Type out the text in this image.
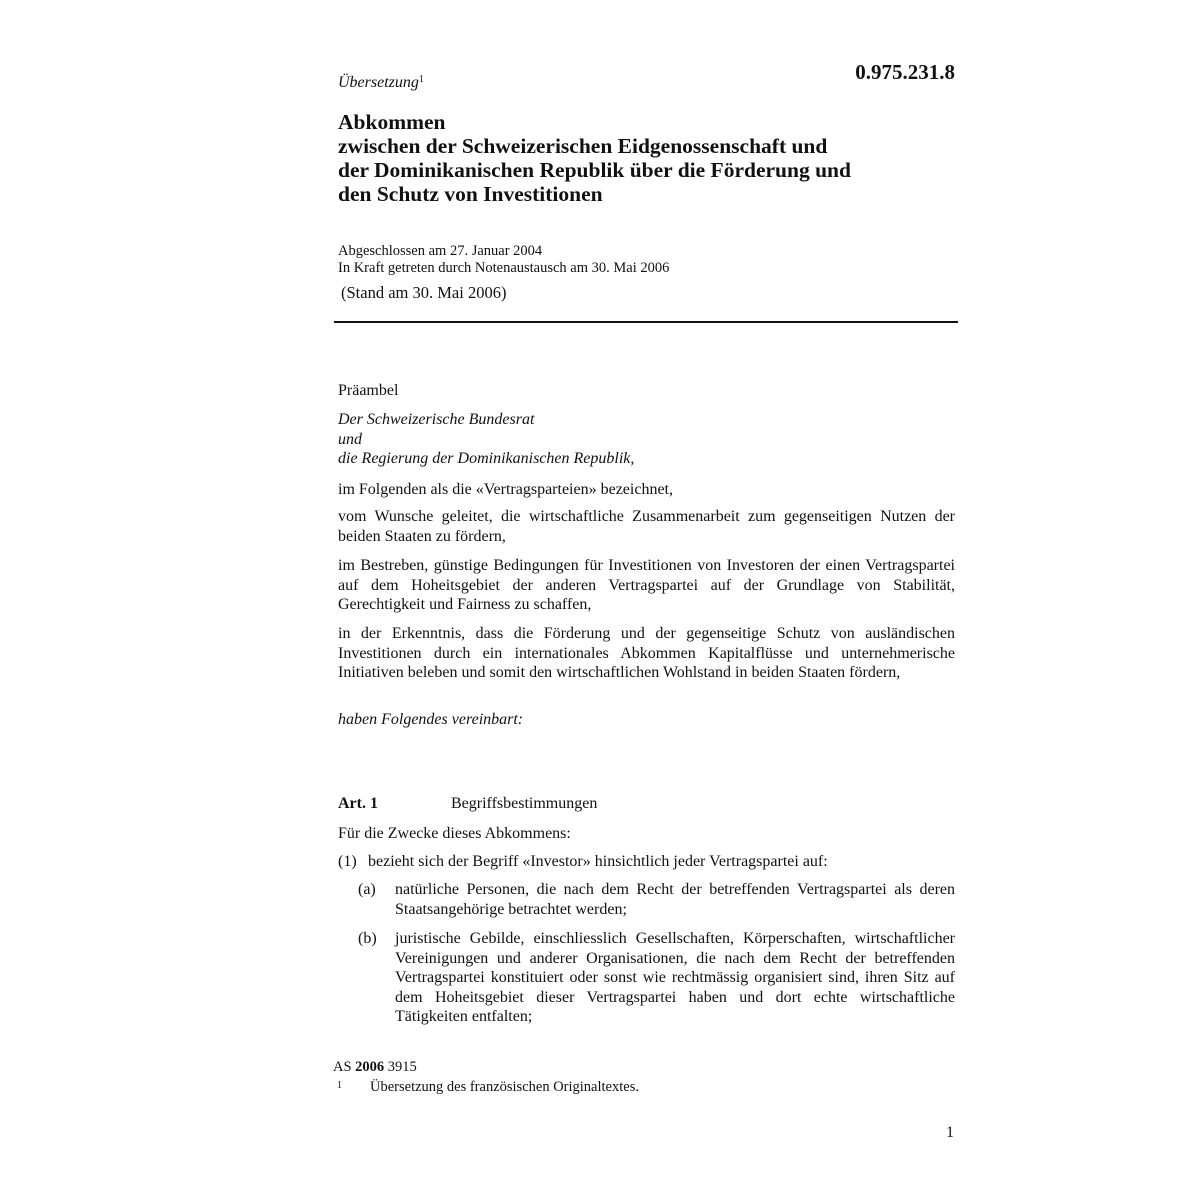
0.975.231.8
Übersetzung$^1$
Abkommen
zwischen der Schweizerischen Eidgenossenschaft und
der Dominikanischen Republik über die Förderung und
den Schutz von Investitionen
Abgeschlossen am 27. Januar 2004
In Kraft getreten durch Notenaustausch am 30. Mai 2006
(Stand am 30. Mai 2006)
Präambel
Der Schweizerische Bundesrat
und
die Regierung der Dominikanischen Republik,
im Folgenden als die «Vertragsparteien» bezeichnet,
vom Wunsche geleitet, die wirtschaftliche Zusammenarbeit zum gegenseitigen Nutzen der beiden Staaten zu fördern,
im Bestreben, günstige Bedingungen für Investitionen von Investoren der einen Vertragspartei auf dem Hoheitsgebiet der anderen Vertragspartei auf der Grundlage von Stabilität, Gerechtigkeit und Fairness zu schaffen,
in der Erkenntnis, dass die Förderung und der gegenseitige Schutz von ausländischen Investitionen durch ein internationales Abkommen Kapitalflüsse und unternehmerische Initiativen beleben und somit den wirtschaftlichen Wohlstand in beiden Staaten fördern,
haben Folgendes vereinbart:
Art. 1	Begriffsbestimmungen
Für die Zwecke dieses Abkommens:
(1) bezieht sich der Begriff «Investor» hinsichtlich jeder Vertragspartei auf:
(a) natürliche Personen, die nach dem Recht der betreffenden Vertragspartei als deren Staatsangehörige betrachtet werden;
(b) juristische Gebilde, einschliesslich Gesellschaften, Körperschaften, wirtschaftlicher Vereinigungen und anderer Organisationen, die nach dem Recht der betreffenden Vertragspartei konstituiert oder sonst wie rechtmässig organisiert sind, ihren Sitz auf dem Hoheitsgebiet dieser Vertragspartei haben und dort echte wirtschaftliche Tätigkeiten entfalten;
AS 2006 3915
1 Übersetzung des französischen Originaltextes.
1
